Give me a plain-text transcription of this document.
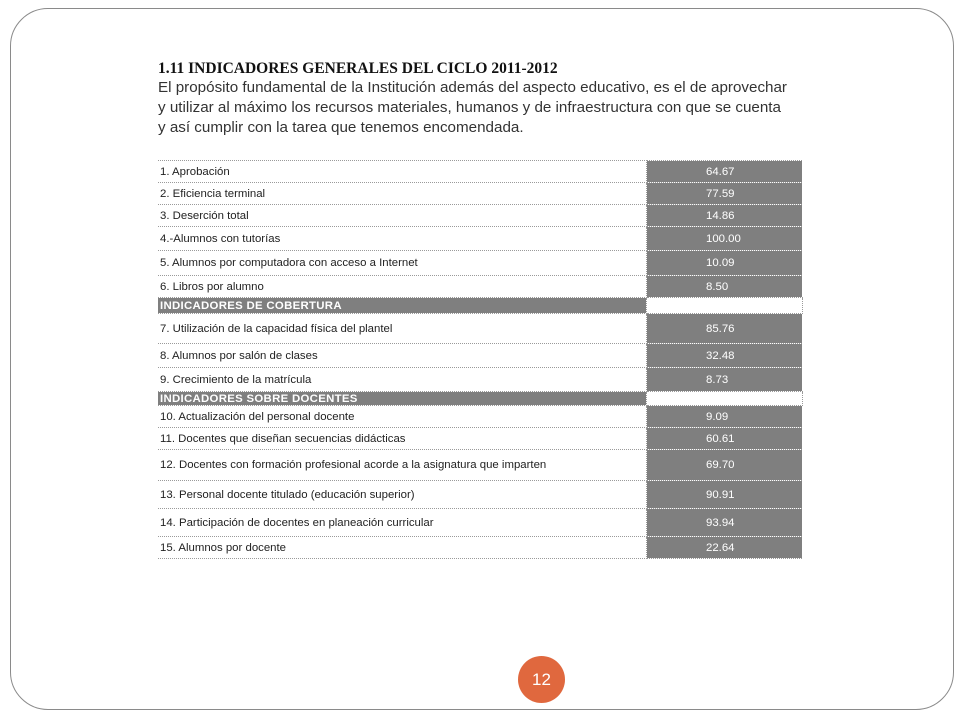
1.11 INDICADORES GENERALES DEL CICLO 2011-2012
El propósito fundamental de la Institución además del aspecto educativo, es el de aprovechar
y utilizar al máximo los recursos materiales, humanos y de infraestructura con que se cuenta
y así cumplir con la tarea que tenemos encomendada.
1. Aprobación	64.67
2. Eficiencia terminal	77.59
3. Deserción total	14.86
4.-Alumnos con tutorías	100.00
5. Alumnos por computadora con acceso a Internet	10.09
6. Libros por alumno	8.50
INDICADORES DE COBERTURA	
7. Utilización de la capacidad física del plantel	85.76
8. Alumnos por salón de clases	32.48
9. Crecimiento de la matrícula	8.73
INDICADORES SOBRE DOCENTES	
10. Actualización del personal docente	9.09
11. Docentes que diseñan secuencias didácticas	60.61
12. Docentes con formación profesional acorde a la asignatura que imparten	69.70
13. Personal docente titulado (educación superior)	90.91
14. Participación de docentes en planeación curricular	93.94
15. Alumnos por docente	22.64
12
